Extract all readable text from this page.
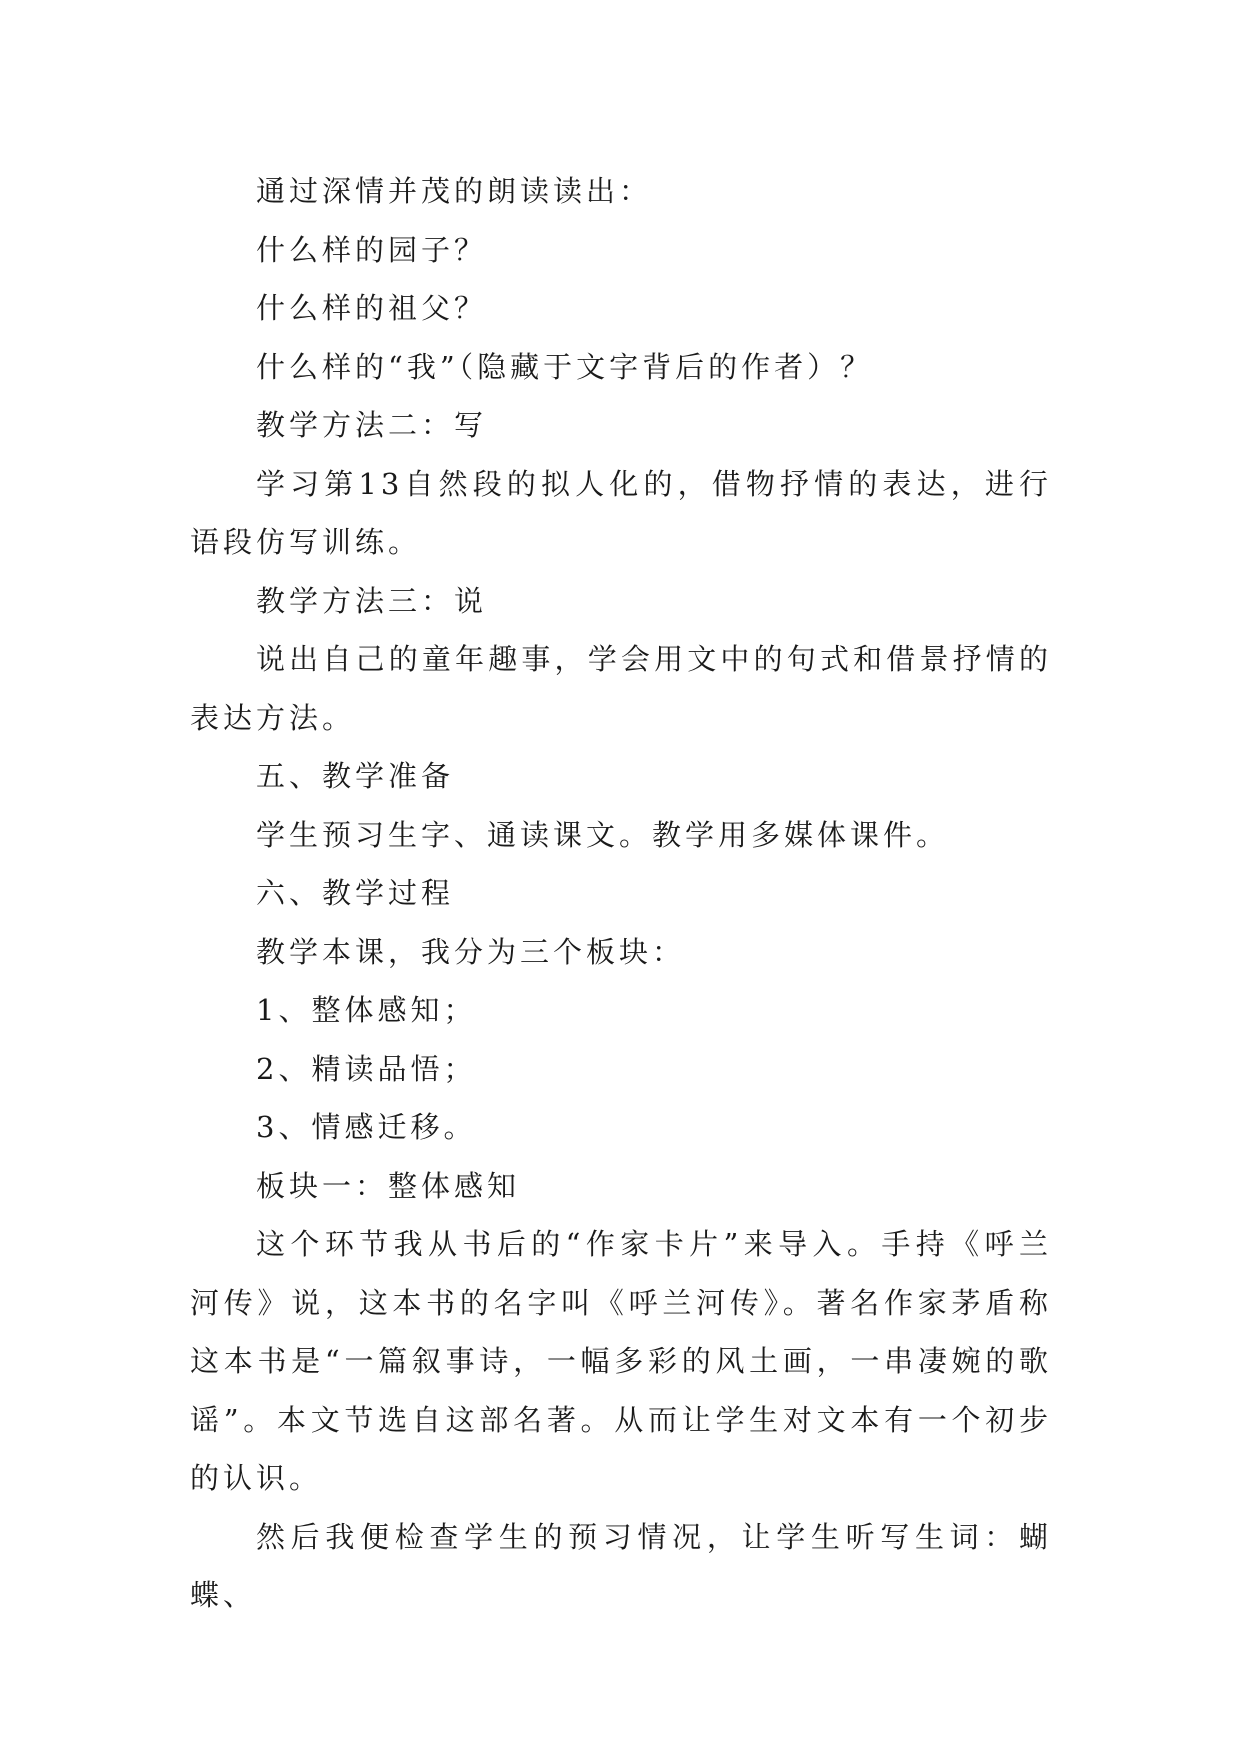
通过深情并茂的朗读读出：

什么样的园子？

什么样的祖父？

什么样的“我”（隐藏于文字背后的作者）？

教学方法二：写

学习第13自然段的拟人化的，借物抒情的表达，进行语段仿写训练。

教学方法三：说

说出自己的童年趣事，学会用文中的句式和借景抒情的表达方法。

五、教学准备

学生预习生字、通读课文。教学用多媒体课件。

六、教学过程

教学本课，我分为三个板块：

1、整体感知；

2、精读品悟；

3、情感迁移。

板块一：整体感知

这个环节我从书后的“作家卡片”来导入。手持《呼兰河传》说，这本书的名字叫《呼兰河传》。著名作家茅盾称这本书是“一篇叙事诗，一幅多彩的风土画，一串凄婉的歌谣”。本文节选自这部名著。从而让学生对文本有一个初步的认识。

然后我便检查学生的预习情况，让学生听写生词：蝴蝶、
